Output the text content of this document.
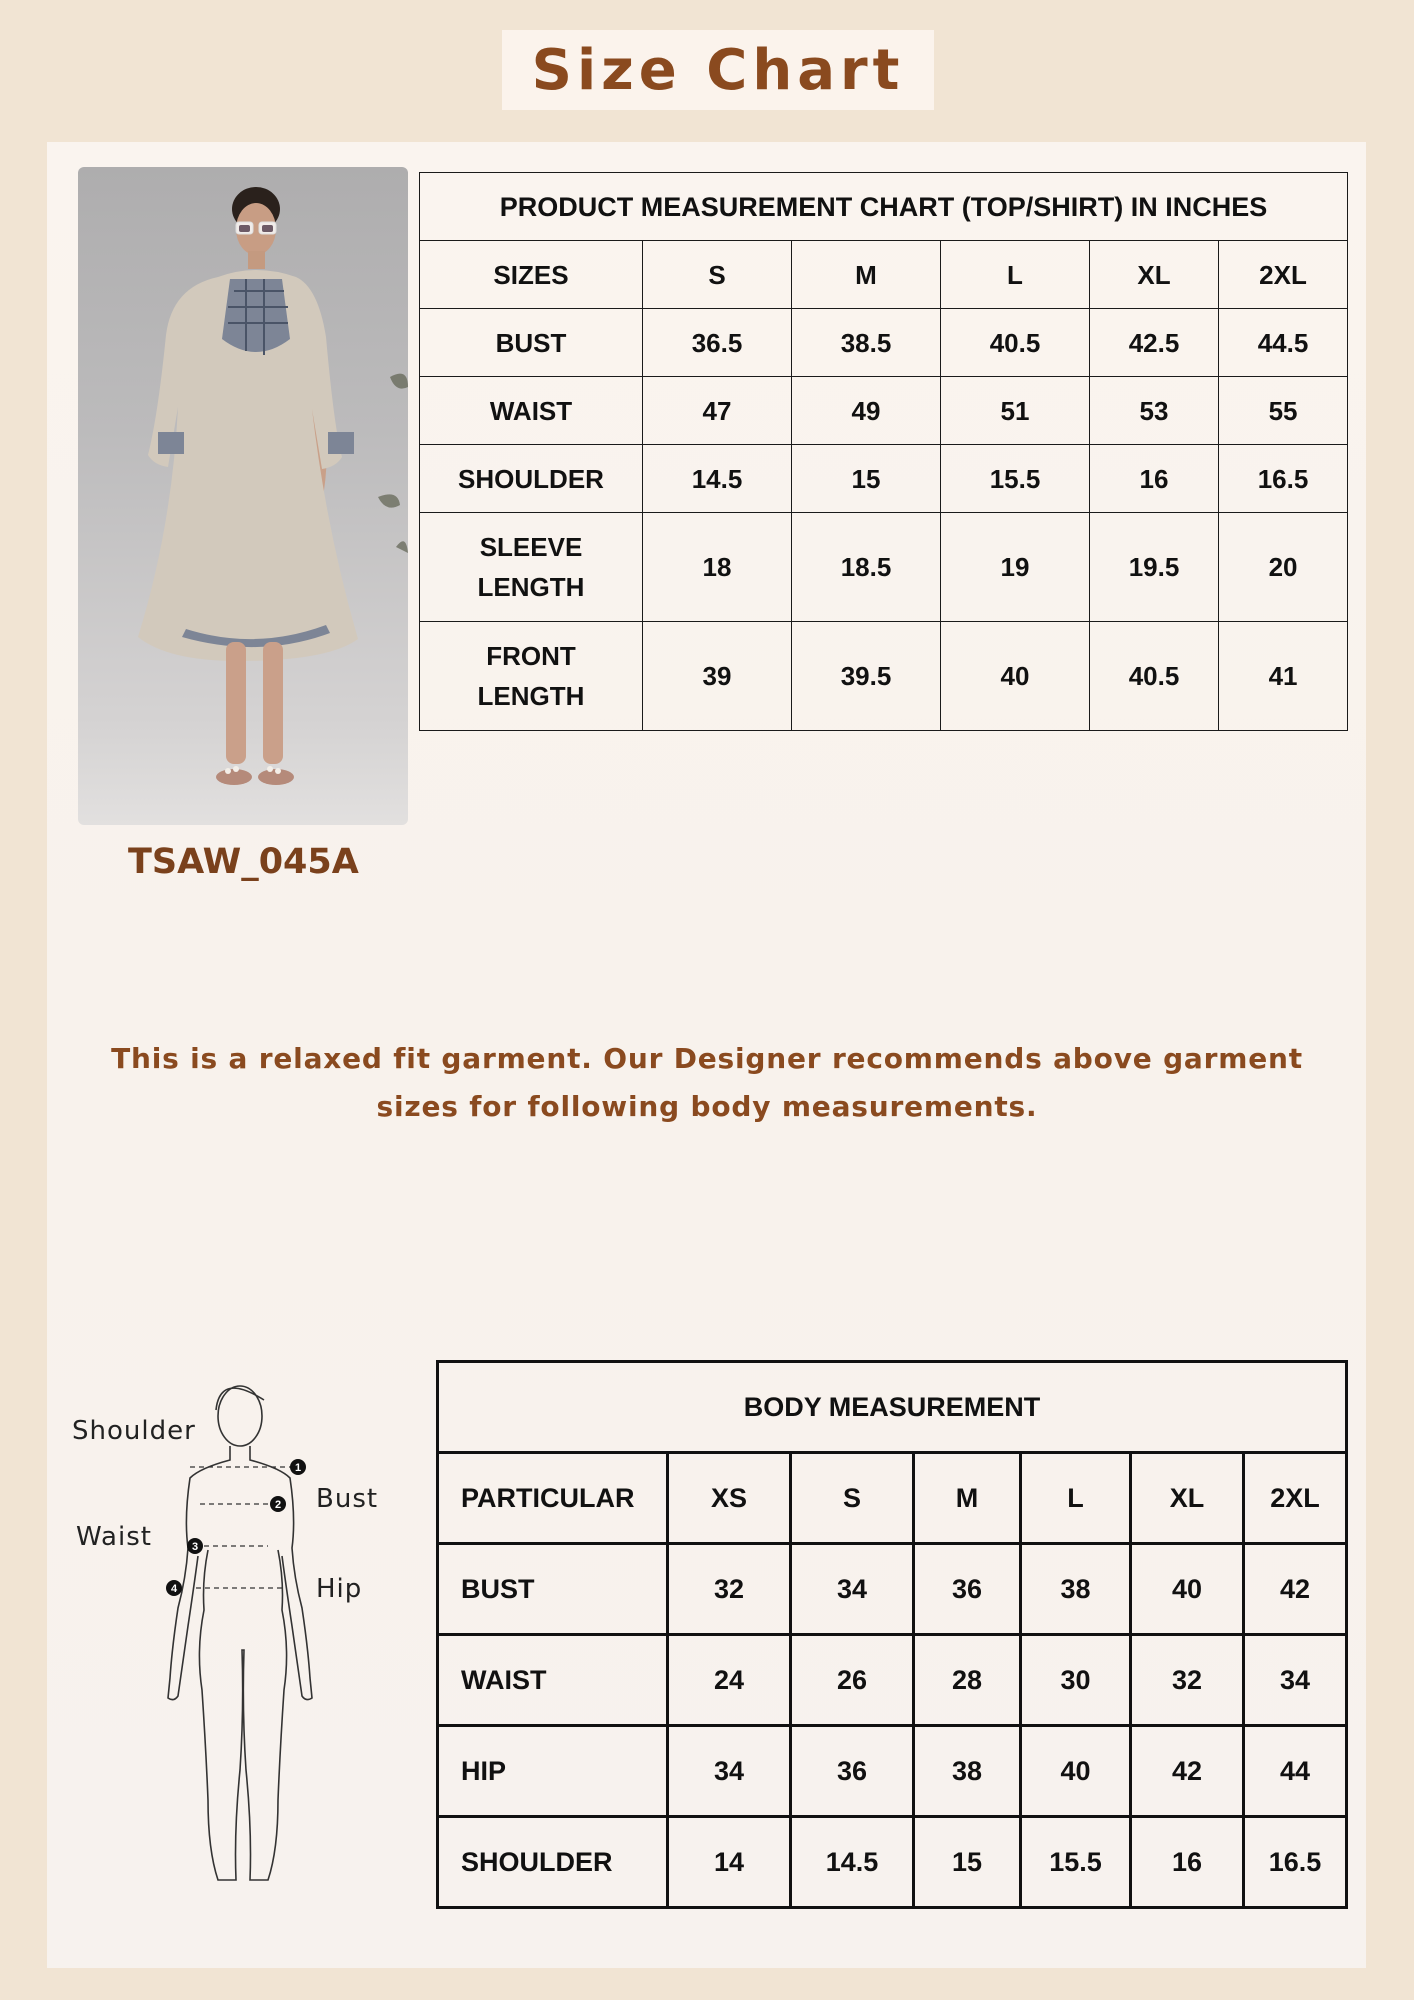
Size Chart

TSAW_045A

PRODUCT MEASUREMENT CHART (TOP/SHIRT) IN INCHES					
SIZES	S	M	L	XL	2XL
BUST	36.5	38.5	40.5	42.5	44.5
WAIST	47	49	51	53	55
SHOULDER	14.5	15	15.5	16	16.5
SLEEVE LENGTH	18	18.5	19	19.5	20
FRONT LENGTH	39	39.5	40	40.5	41

This is a relaxed fit garment. Our Designer recommends above garment sizes for following body measurements.

1
2
3
4
Shoulder
Bust
Waist
Hip
BODY MEASUREMENT						
PARTICULAR	XS	S	M	L	XL	2XL
BUST	32	34	36	38	40	42
WAIST	24	26	28	30	32	34
HIP	34	36	38	40	42	44
SHOULDER	14	14.5	15	15.5	16	16.5
